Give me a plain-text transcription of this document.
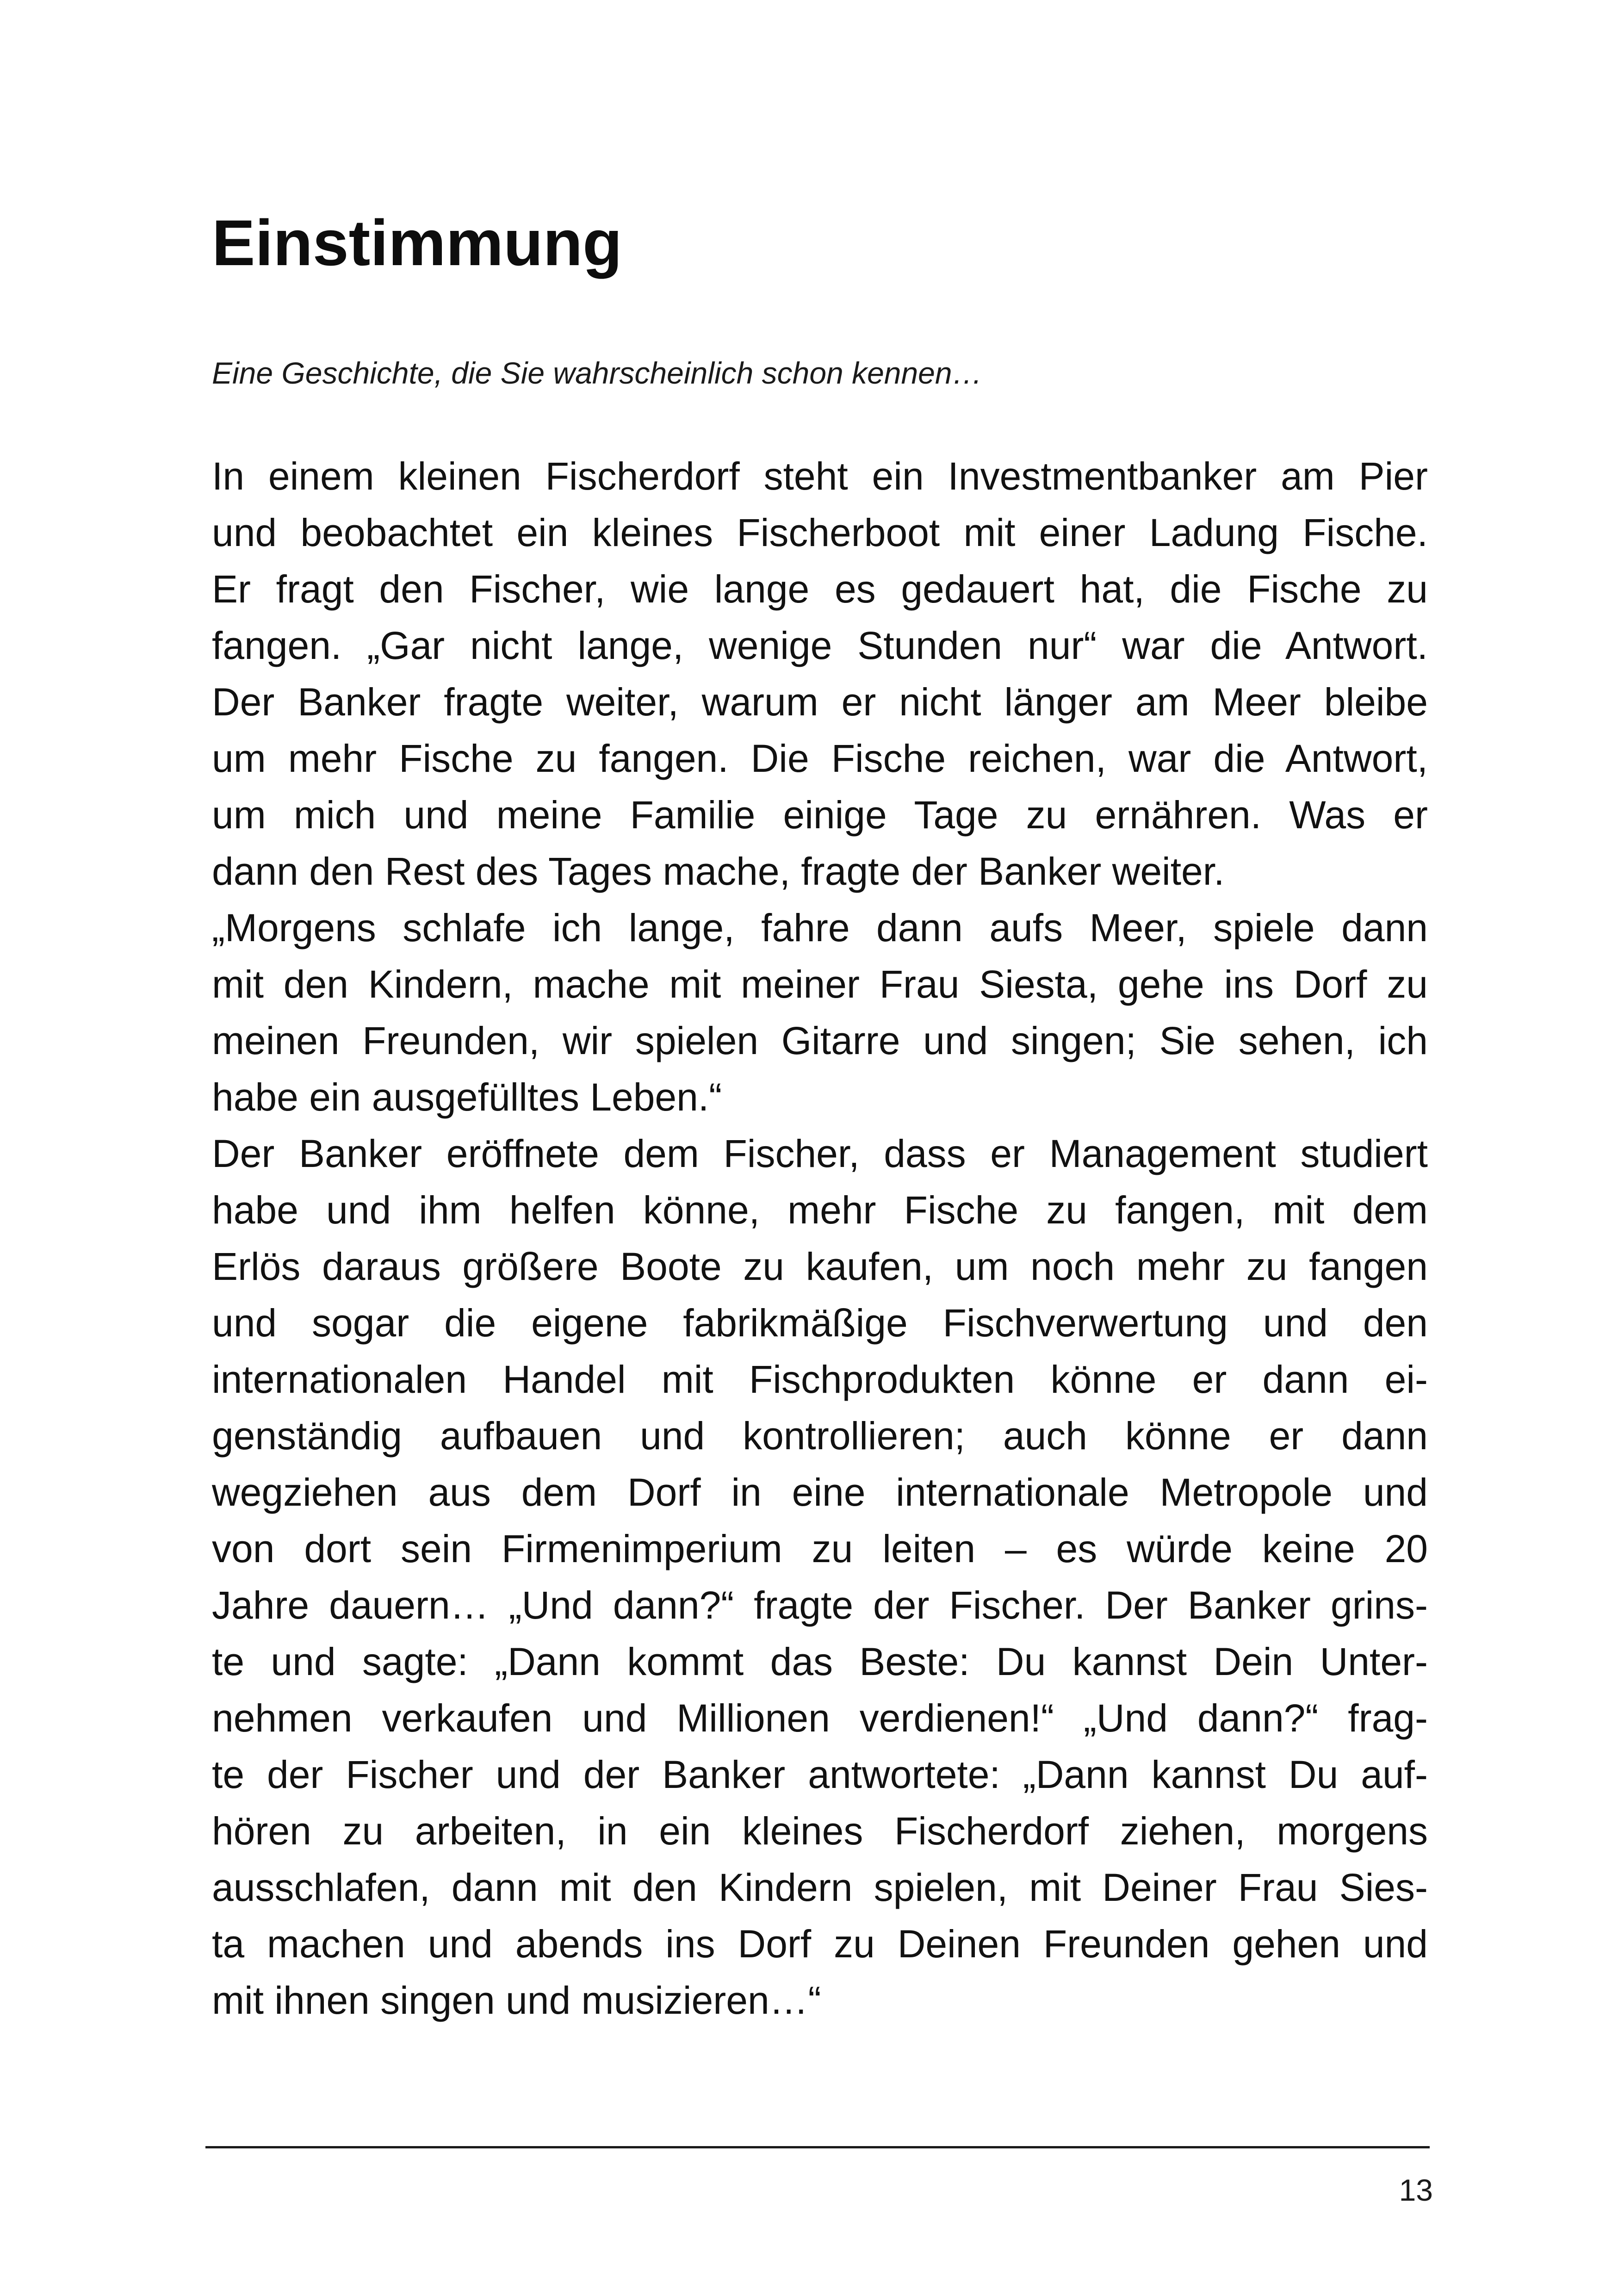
Einstimmung

Eine Geschichte, die Sie wahrscheinlich schon kennen…

In einem kleinen Fischerdorf steht ein Investmentbanker am Pier
und beobachtet ein kleines Fischerboot mit einer Ladung Fische.
Er fragt den Fischer, wie lange es gedauert hat, die Fische zu
fangen. „Gar nicht lange, wenige Stunden nur“ war die Antwort.
Der Banker fragte weiter, warum er nicht länger am Meer bleibe
um mehr Fische zu fangen. Die Fische reichen, war die Antwort,
um mich und meine Familie einige Tage zu ernähren. Was er
dann den Rest des Tages mache, fragte der Banker weiter.
„Morgens schlafe ich lange, fahre dann aufs Meer, spiele dann
mit den Kindern, mache mit meiner Frau Siesta, gehe ins Dorf zu
meinen Freunden, wir spielen Gitarre und singen; Sie sehen, ich
habe ein ausgefülltes Leben.“
Der Banker eröffnete dem Fischer, dass er Management studiert
habe und ihm helfen könne, mehr Fische zu fangen, mit dem
Erlös daraus größere Boote zu kaufen, um noch mehr zu fangen
und sogar die eigene fabrikmäßige Fischverwertung und den
internationalen Handel mit Fischprodukten könne er dann ei-
genständig aufbauen und kontrollieren; auch könne er dann
wegziehen aus dem Dorf in eine internationale Metropole und
von dort sein Firmenimperium zu leiten – es würde keine 20
Jahre dauern… „Und dann?“ fragte der Fischer. Der Banker grins-
te und sagte: „Dann kommt das Beste: Du kannst Dein Unter-
nehmen verkaufen und Millionen verdienen!“ „Und dann?“ frag-
te der Fischer und der Banker antwortete: „Dann kannst Du auf-
hören zu arbeiten, in ein kleines Fischerdorf ziehen, morgens
ausschlafen, dann mit den Kindern spielen, mit Deiner Frau Sies-
ta machen und abends ins Dorf zu Deinen Freunden gehen und
mit ihnen singen und musizieren…“
13
